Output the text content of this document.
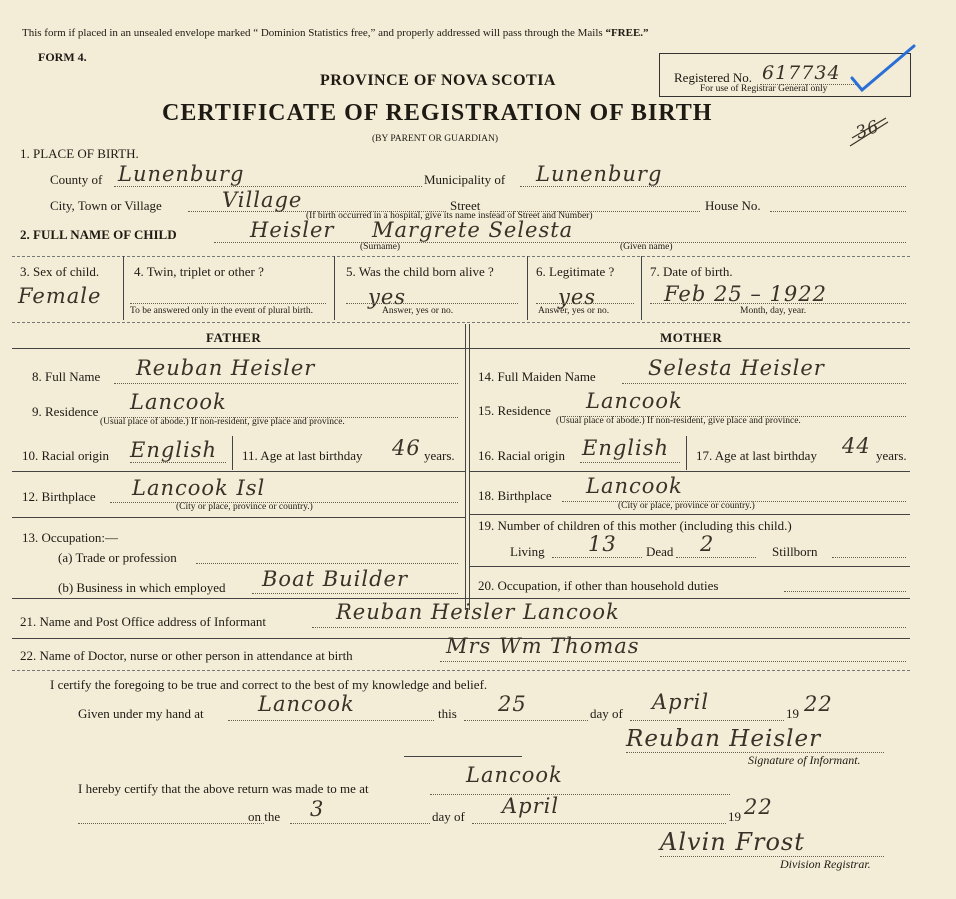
This form if placed in an unsealed envelope marked “ Dominion Statistics free,” and properly addressed will pass through the Mails “FREE.”
FORM 4.
PROVINCE OF NOVA SCOTIA
CERTIFICATE OF REGISTRATION OF BIRTH
(BY PARENT OR GUARDIAN)
Registered No. 617734
For use of Registrar General only
36
1. PLACE OF BIRTH.
County of Lunenburg	Municipality of Lunenburg
City, Town or Village	Village	Street	House No.
(If birth occurred in a hospital, give its name instead of Street and Number)
2. FULL NAME OF CHILD	Heisler Margrete Selesta
(Surname)	(Given name)
3. Sex of child.
Female
4. Twin, triplet or other ?
To be answered only in the event of plural birth.
5. Was the child born alive ?
yes
Answer, yes or no.
6. Legitimate ?
yes
Answer, yes or no.
7. Date of birth.
Feb 25 – 1922
Month, day, year.
FATHER	MOTHER
8. Full Name Reuban Heisler
9. Residence Lancook
(Usual place of abode.) If non-resident, give place and province.
10. Racial origin English 11. Age at last birthday 46 years.
12. Birthplace Lancook Isl
(City or place, province or country.)
13. Occupation:—
(a) Trade or profession
(b) Business in which employed Boat Builder
14. Full Maiden Name Selesta Heisler
15. Residence Lancook
(Usual place of abode.) If non-resident, give place and province.
16. Racial origin English 17. Age at last birthday 44 years.
18. Birthplace Lancook
(City or place, province or country.)
19. Number of children of this mother (including this child.)
Living 13 Dead 2	Stillborn
20. Occupation, if other than household duties
21. Name and Post Office address of Informant	Reuban Heisler Lancook
22. Name of Doctor, nurse or other person in attendance at birth	Mrs Wm Thomas
I certify the foregoing to be true and correct to the best of my knowledge and belief.
Given under my hand at	Lancook	this 25	day of April	19 22
Reuban Heisler
Signature of Informant.
I hereby certify that the above return was made to me at
Lancook
on the 3	day of April	19 22
Alvin Frost
Division Registrar.
